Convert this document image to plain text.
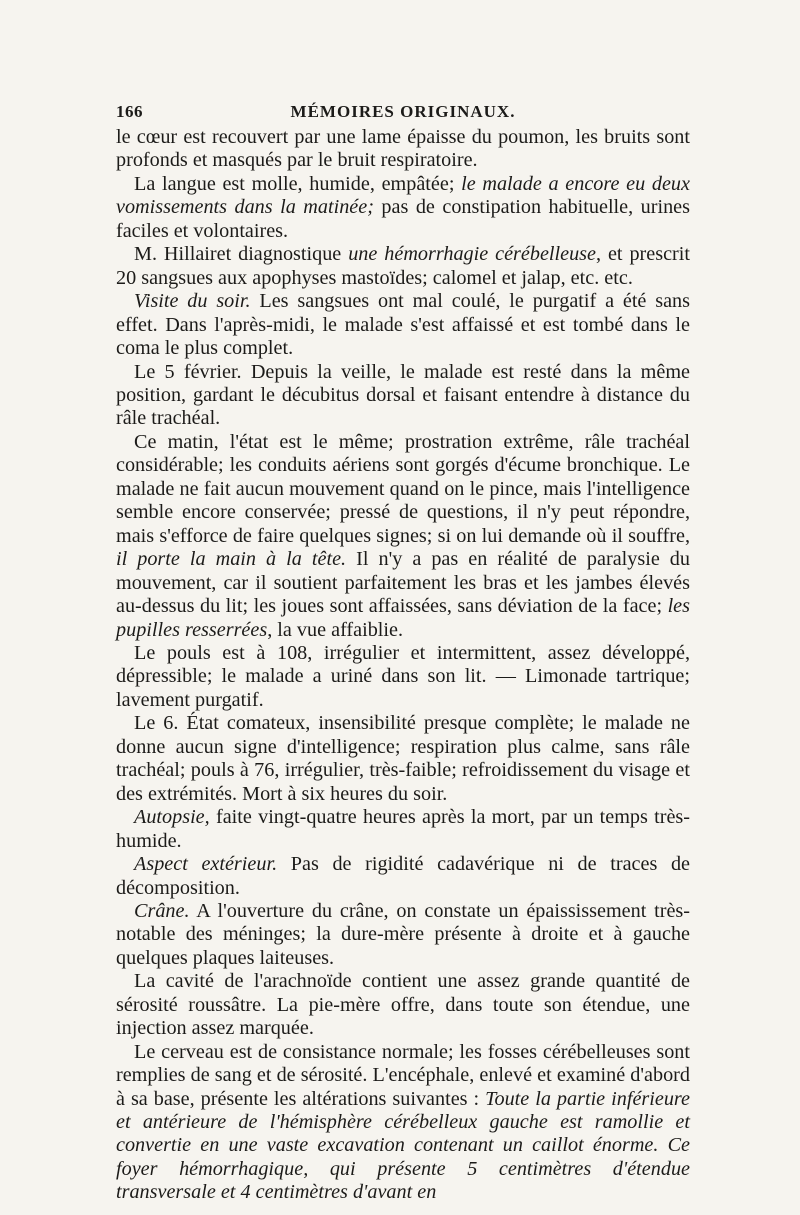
166	MÉMOIRES ORIGINAUX.

le cœur est recouvert par une lame épaisse du poumon, les bruits sont profonds et masqués par le bruit respiratoire.

La langue est molle, humide, empâtée; le malade a encore eu deux vomissements dans la matinée; pas de constipation habituelle, urines faciles et volontaires.

M. Hillairet diagnostique une hémorrhagie cérébelleuse, et prescrit 20 sangsues aux apophyses mastoïdes; calomel et jalap, etc. etc.

Visite du soir. Les sangsues ont mal coulé, le purgatif a été sans effet. Dans l'après-midi, le malade s'est affaissé et est tombé dans le coma le plus complet.

Le 5 février. Depuis la veille, le malade est resté dans la même position, gardant le décubitus dorsal et faisant entendre à distance du râle trachéal.

Ce matin, l'état est le même; prostration extrême, râle trachéal considérable; les conduits aériens sont gorgés d'écume bronchique. Le malade ne fait aucun mouvement quand on le pince, mais l'intelligence semble encore conservée; pressé de questions, il n'y peut répondre, mais s'efforce de faire quelques signes; si on lui demande où il souffre, il porte la main à la tête. Il n'y a pas en réalité de paralysie du mouvement, car il soutient parfaitement les bras et les jambes élevés au-dessus du lit; les joues sont affaissées, sans déviation de la face; les pupilles resserrées, la vue affaiblie.

Le pouls est à 108, irrégulier et intermittent, assez développé, dépressible; le malade a uriné dans son lit. — Limonade tartrique; lavement purgatif.

Le 6. État comateux, insensibilité presque complète; le malade ne donne aucun signe d'intelligence; respiration plus calme, sans râle trachéal; pouls à 76, irrégulier, très-faible; refroidissement du visage et des extrémités. Mort à six heures du soir.

Autopsie, faite vingt-quatre heures après la mort, par un temps très-humide.

Aspect extérieur. Pas de rigidité cadavérique ni de traces de décomposition.

Crâne. A l'ouverture du crâne, on constate un épaississement très-notable des méninges; la dure-mère présente à droite et à gauche quelques plaques laiteuses.

La cavité de l'arachnoïde contient une assez grande quantité de sérosité roussâtre. La pie-mère offre, dans toute son étendue, une injection assez marquée.

Le cerveau est de consistance normale; les fosses cérébelleuses sont remplies de sang et de sérosité. L'encéphale, enlevé et examiné d'abord à sa base, présente les altérations suivantes : Toute la partie inférieure et antérieure de l'hémisphère cérébelleux gauche est ramollie et convertie en une vaste excavation contenant un caillot énorme. Ce foyer hémorrhagique, qui présente 5 centimètres d'étendue transversale et 4 centimètres d'avant en
